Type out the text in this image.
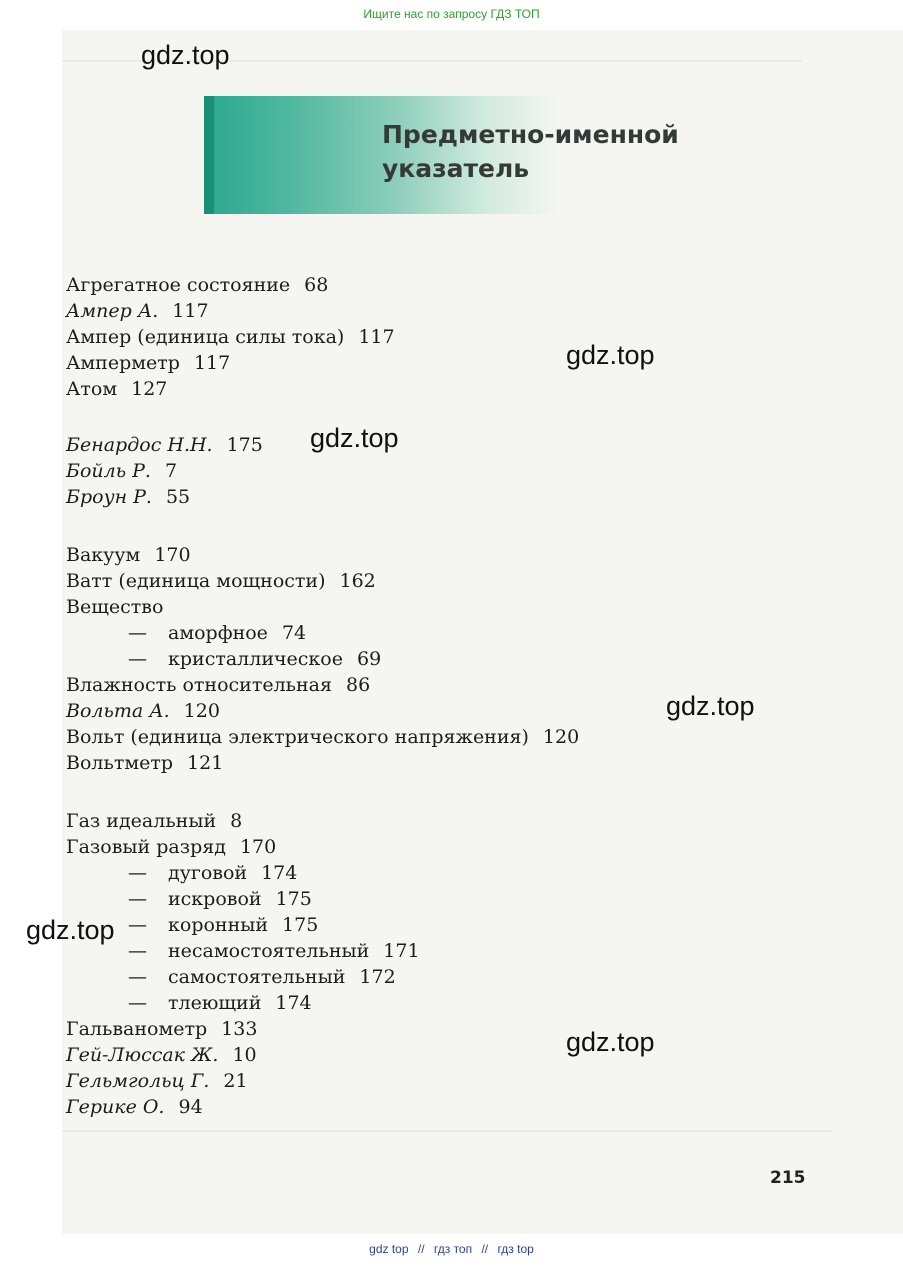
Ищите нас по запросу ГДЗ ТОП
Предметно-именной
указатель
Агрегатное состояние 68
Ампер А. 117
Ампер (единица силы тока) 117
Амперметр 117
Атом 127
Бенардос Н.Н. 175
Бойль Р. 7
Броун Р. 55
Вакуум 170
Ватт (единица мощности) 162
Вещество
— аморфное 74
— кристаллическое 69
Влажность относительная 86
Вольта А. 120
Вольт (единица электрического напряжения) 120
Вольтметр 121
Газ идеальный 8
Газовый разряд 170
— дуговой 174
— искровой 175
— коронный 175
— несамостоятельный 171
— самостоятельный 172
— тлеющий 174
Гальванометр 133
Гей-Люссак Ж. 10
Гельмгольц Г. 21
Герике О. 94
gdz.top
gdz.top
gdz.top
gdz.top
gdz.top
gdz.top
215
gdz top // гдз топ // гдз top
